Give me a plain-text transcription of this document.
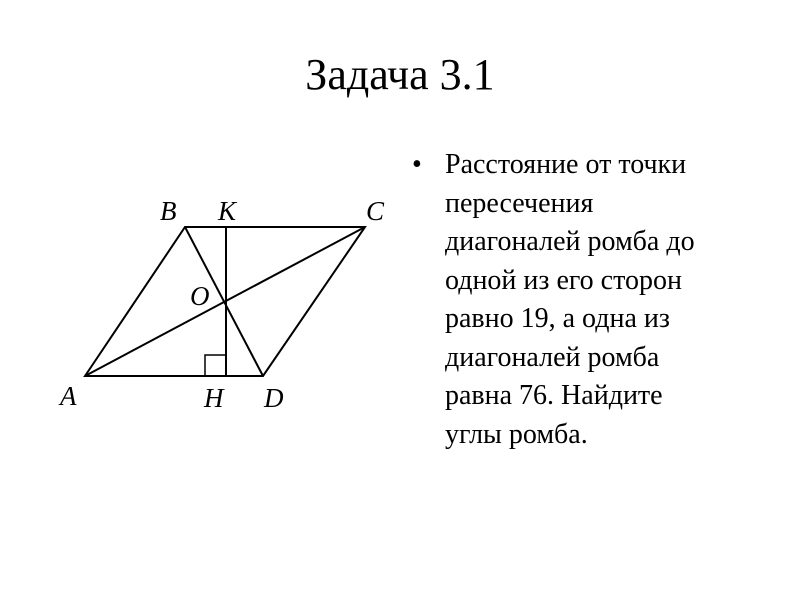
Задача 3.1
B K	C
O
A	H D
• Расстояние от точки
пересечения
диагоналей ромба до
одной из его сторон
равно 19, а одна из
диагоналей ромба
равна 76. Найдите
углы ромба.
